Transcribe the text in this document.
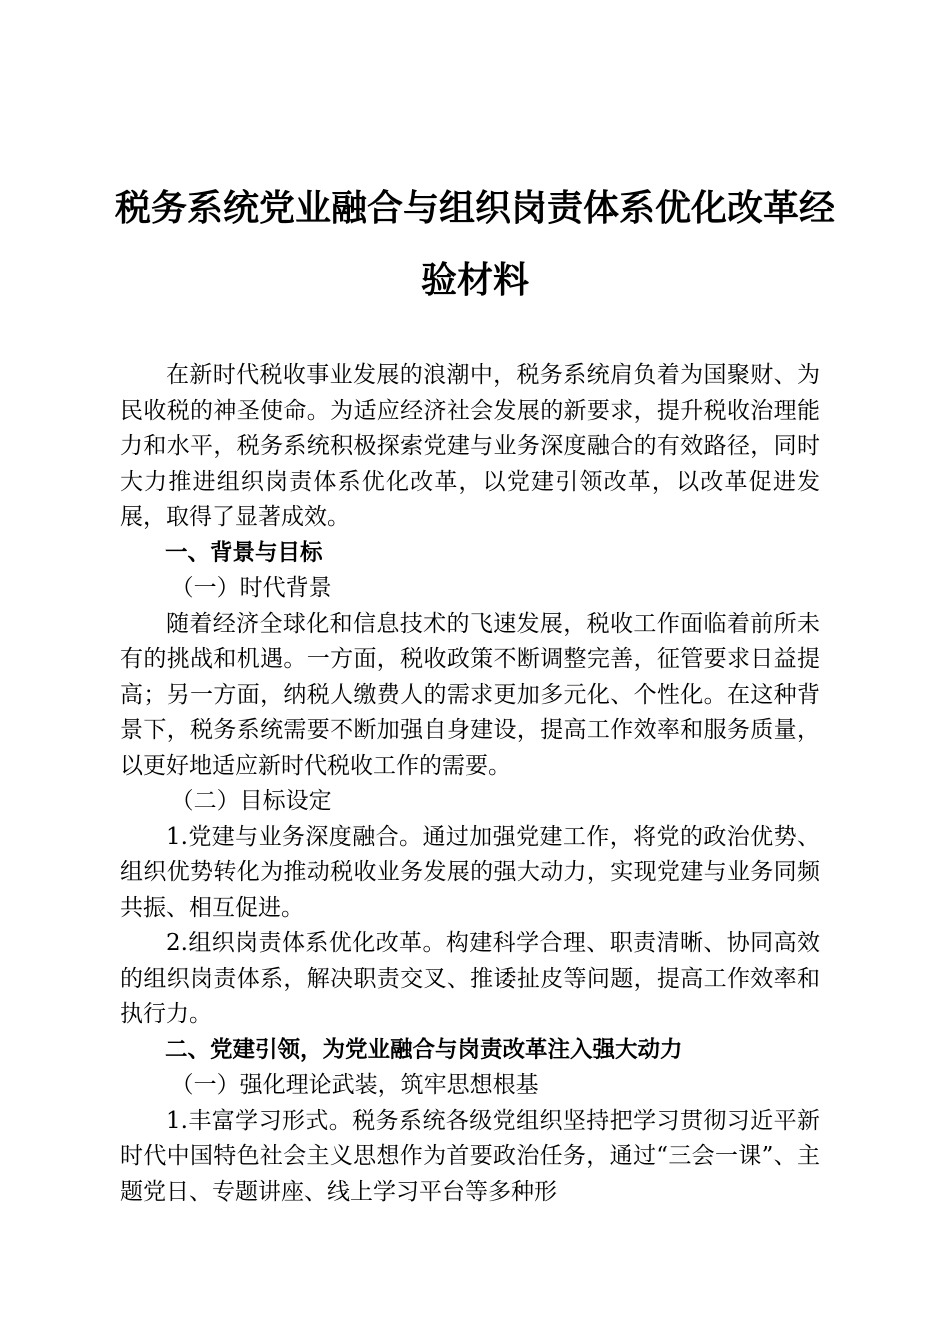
税务系统党业融合与组织岗责体系优化改革经验材料

在新时代税收事业发展的浪潮中，税务系统肩负着为国聚财、为民收税的神圣使命。为适应经济社会发展的新要求，提升税收治理能力和水平，税务系统积极探索党建与业务深度融合的有效路径，同时大力推进组织岗责体系优化改革，以党建引领改革，以改革促进发展，取得了显著成效。

一、背景与目标

（一）时代背景

随着经济全球化和信息技术的飞速发展，税收工作面临着前所未有的挑战和机遇。一方面，税收政策不断调整完善，征管要求日益提高；另一方面，纳税人缴费人的需求更加多元化、个性化。在这种背景下，税务系统需要不断加强自身建设，提高工作效率和服务质量，以更好地适应新时代税收工作的需要。

（二）目标设定

1.党建与业务深度融合。通过加强党建工作，将党的政治优势、组织优势转化为推动税收业务发展的强大动力，实现党建与业务同频共振、相互促进。

2.组织岗责体系优化改革。构建科学合理、职责清晰、协同高效的组织岗责体系，解决职责交叉、推诿扯皮等问题，提高工作效率和执行力。

二、党建引领，为党业融合与岗责改革注入强大动力

（一）强化理论武装，筑牢思想根基

1.丰富学习形式。税务系统各级党组织坚持把学习贯彻习近平新时代中国特色社会主义思想作为首要政治任务，通过“三会一课”、主题党日、专题讲座、线上学习平台等多种形
